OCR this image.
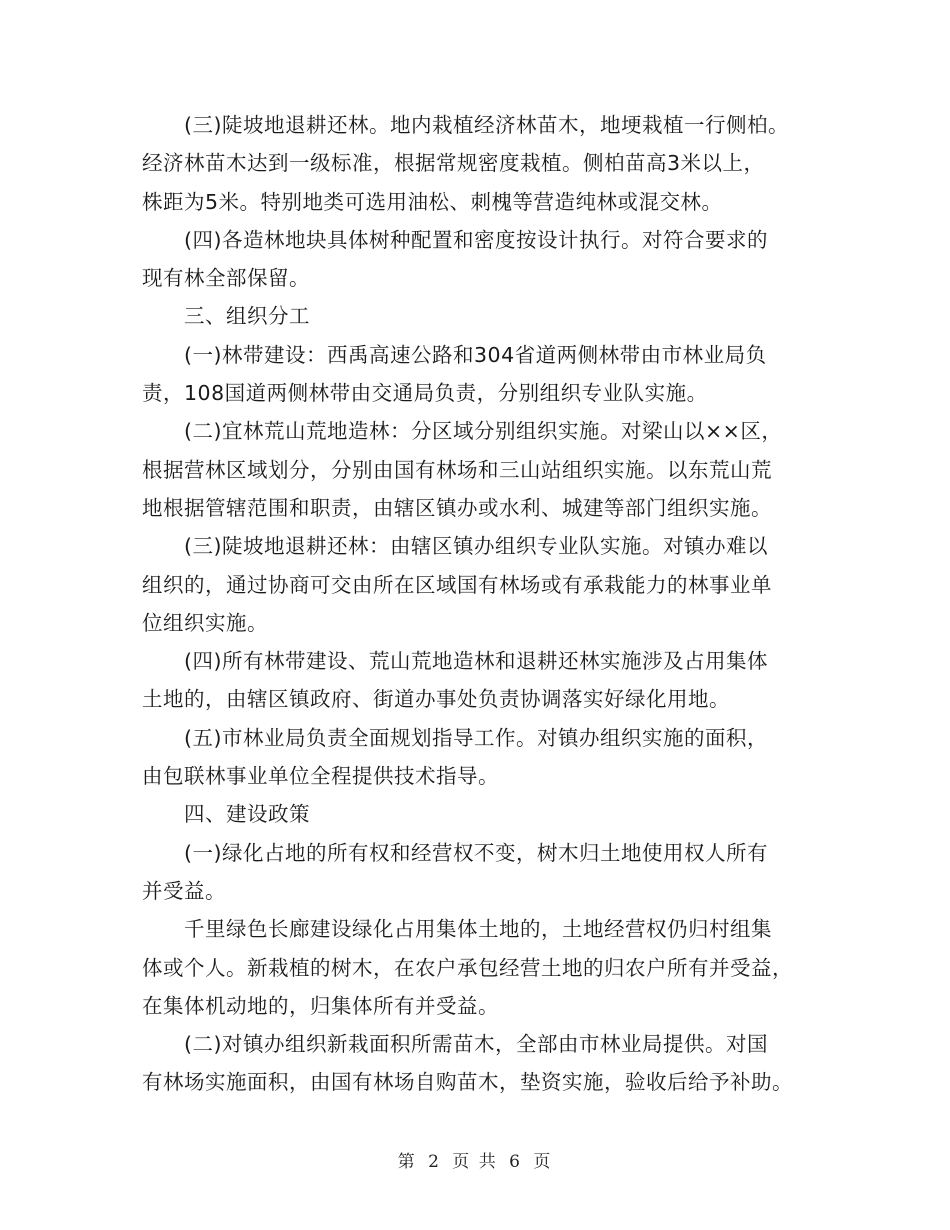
(三)陡坡地退耕还林。地内栽植经济林苗木，地埂栽植一行侧柏。
经济林苗木达到一级标准，根据常规密度栽植。侧柏苗高3米以上，
株距为5米。特别地类可选用油松、刺槐等营造纯林或混交林。

(四)各造林地块具体树种配置和密度按设计执行。对符合要求的
现有林全部保留。

三、组织分工

(一)林带建设：西禹高速公路和304省道两侧林带由市林业局负
责，108国道两侧林带由交通局负责，分别组织专业队实施。

(二)宜林荒山荒地造林：分区域分别组织实施。对梁山以××区，
根据营林区域划分，分别由国有林场和三山站组织实施。以东荒山荒
地根据管辖范围和职责，由辖区镇办或水利、城建等部门组织实施。

(三)陡坡地退耕还林：由辖区镇办组织专业队实施。对镇办难以
组织的，通过协商可交由所在区域国有林场或有承栽能力的林事业单
位组织实施。

(四)所有林带建设、荒山荒地造林和退耕还林实施涉及占用集体
土地的，由辖区镇政府、街道办事处负责协调落实好绿化用地。

(五)市林业局负责全面规划指导工作。对镇办组织实施的面积，
由包联林事业单位全程提供技术指导。

四、建设政策

(一)绿化占地的所有权和经营权不变，树木归土地使用权人所有
并受益。

千里绿色长廊建设绿化占用集体土地的，土地经营权仍归村组集
体或个人。新栽植的树木，在农户承包经营土地的归农户所有并受益，
在集体机动地的，归集体所有并受益。

(二)对镇办组织新栽面积所需苗木，全部由市林业局提供。对国
有林场实施面积，由国有林场自购苗木，垫资实施，验收后给予补助。

第 2 页 共 6 页
